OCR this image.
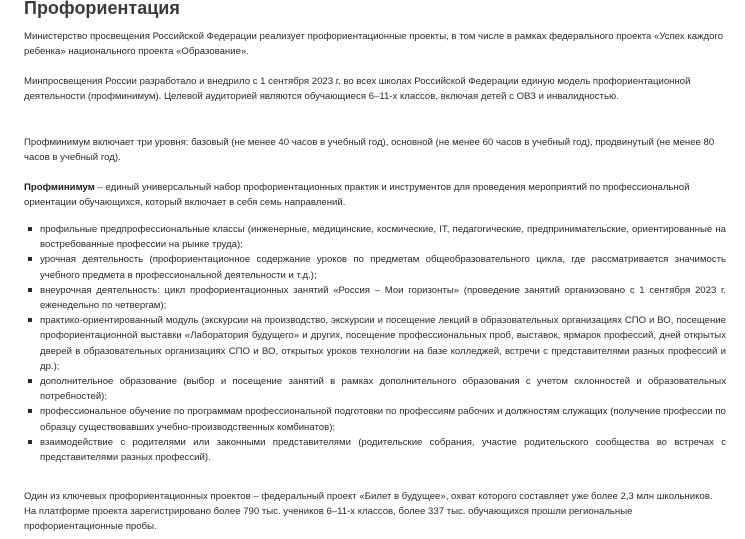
Профориентация

Министерство просвещения Российской Федерации реализует профориентационные проекты, в том числе в рамках федерального проекта «Успех каждого ребенка» национального проекта «Образование».

Минпросвещения России разработало и внедрило с 1 сентября 2023 г. во всех школах Российской Федерации единую модель профориентационной деятельности (профминимум). Целевой аудиторией являются обучающиеся 6–11-х классов, включая детей с ОВЗ и инвалидностью.

Профминимум включает три уровня: базовый (не менее 40 часов в учебный год), основной (не менее 60 часов в учебный год), продвинутый (не менее 80 часов в учебный год).

Профминимум – единый универсальный набор профориентационных практик и инструментов для проведения мероприятий по профессиональной ориентации обучающихся, который включает в себя семь направлений.

профильные предпрофессиональные классы (инженерные, медицинские, космические, IT, педагогические, предпринимательские, ориентированные на востребованные профессии на рынке труда);
урочная деятельность (профориентационное содержание уроков по предметам общеобразовательного цикла, где рассматривается значимость учебного предмета в профессиональной деятельности и т.д.);
внеурочная деятельность: цикл профориентационных занятий «Россия – Мои горизонты» (проведение занятий организовано с 1 сентября 2023 г. еженедельно по четвергам);
практико-ориентированный модуль (экскурсии на производство, экскурсии и посещение лекций в образовательных организациях СПО и ВО, посещение профориентационной выставки «Лаборатория будущего» и других, посещение профессиональных проб, выставок, ярмарок профессий, дней открытых дверей в образовательных организациях СПО и ВО, открытых уроков технологии на базе колледжей, встречи с представителями разных профессий и др.);
дополнительное образование (выбор и посещение занятий в рамках дополнительного образования с учетом склонностей и образовательных потребностей);
профессиональное обучение по программам профессиональной подготовки по профессиям рабочих и должностям служащих (получение профессии по образцу существовавших учебно-производственных комбинатов);
взаимодействие с родителями или законными представителями (родительские собрания, участие родительского сообщества во встречах с представителями разных профессий).

Один из ключевых профориентационных проектов – федеральный проект «Билет в будущее», охват которого составляет уже более 2,3 млн школьников. На платформе проекта зарегистрировано более 790 тыс. учеников 6–11-х классов, более 337 тыс. обучающихся прошли региональные профориентационные пробы.
